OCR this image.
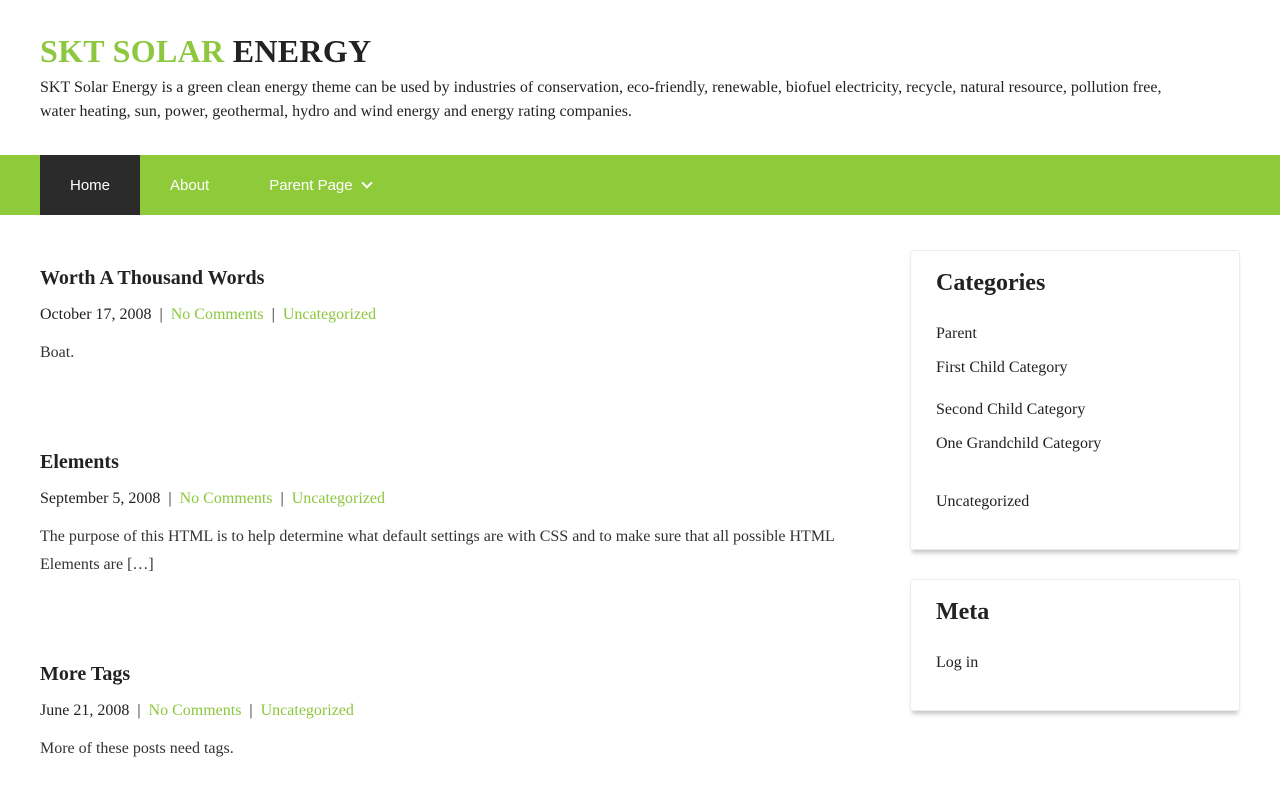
SKT SOLAR ENERGY

SKT Solar Energy is a green clean energy theme can be used by industries of conservation, eco-friendly, renewable, biofuel electricity, recycle, natural resource, pollution free, water heating, sun, power, geothermal, hydro and wind energy and energy rating companies.

Home	About	Parent Page
Worth A Thousand Words
October 17, 2008 | No Comments | Uncategorized
Boat.
Elements
September 5, 2008 | No Comments | Uncategorized
The purpose of this HTML is to help determine what default settings are with CSS and to make sure that all possible HTML Elements are […]
More Tags
June 21, 2008 | No Comments | Uncategorized
More of these posts need tags.
Categories
Parent
First Child Category
Second Child Category
One Grandchild Category
Uncategorized
Meta
Log in
